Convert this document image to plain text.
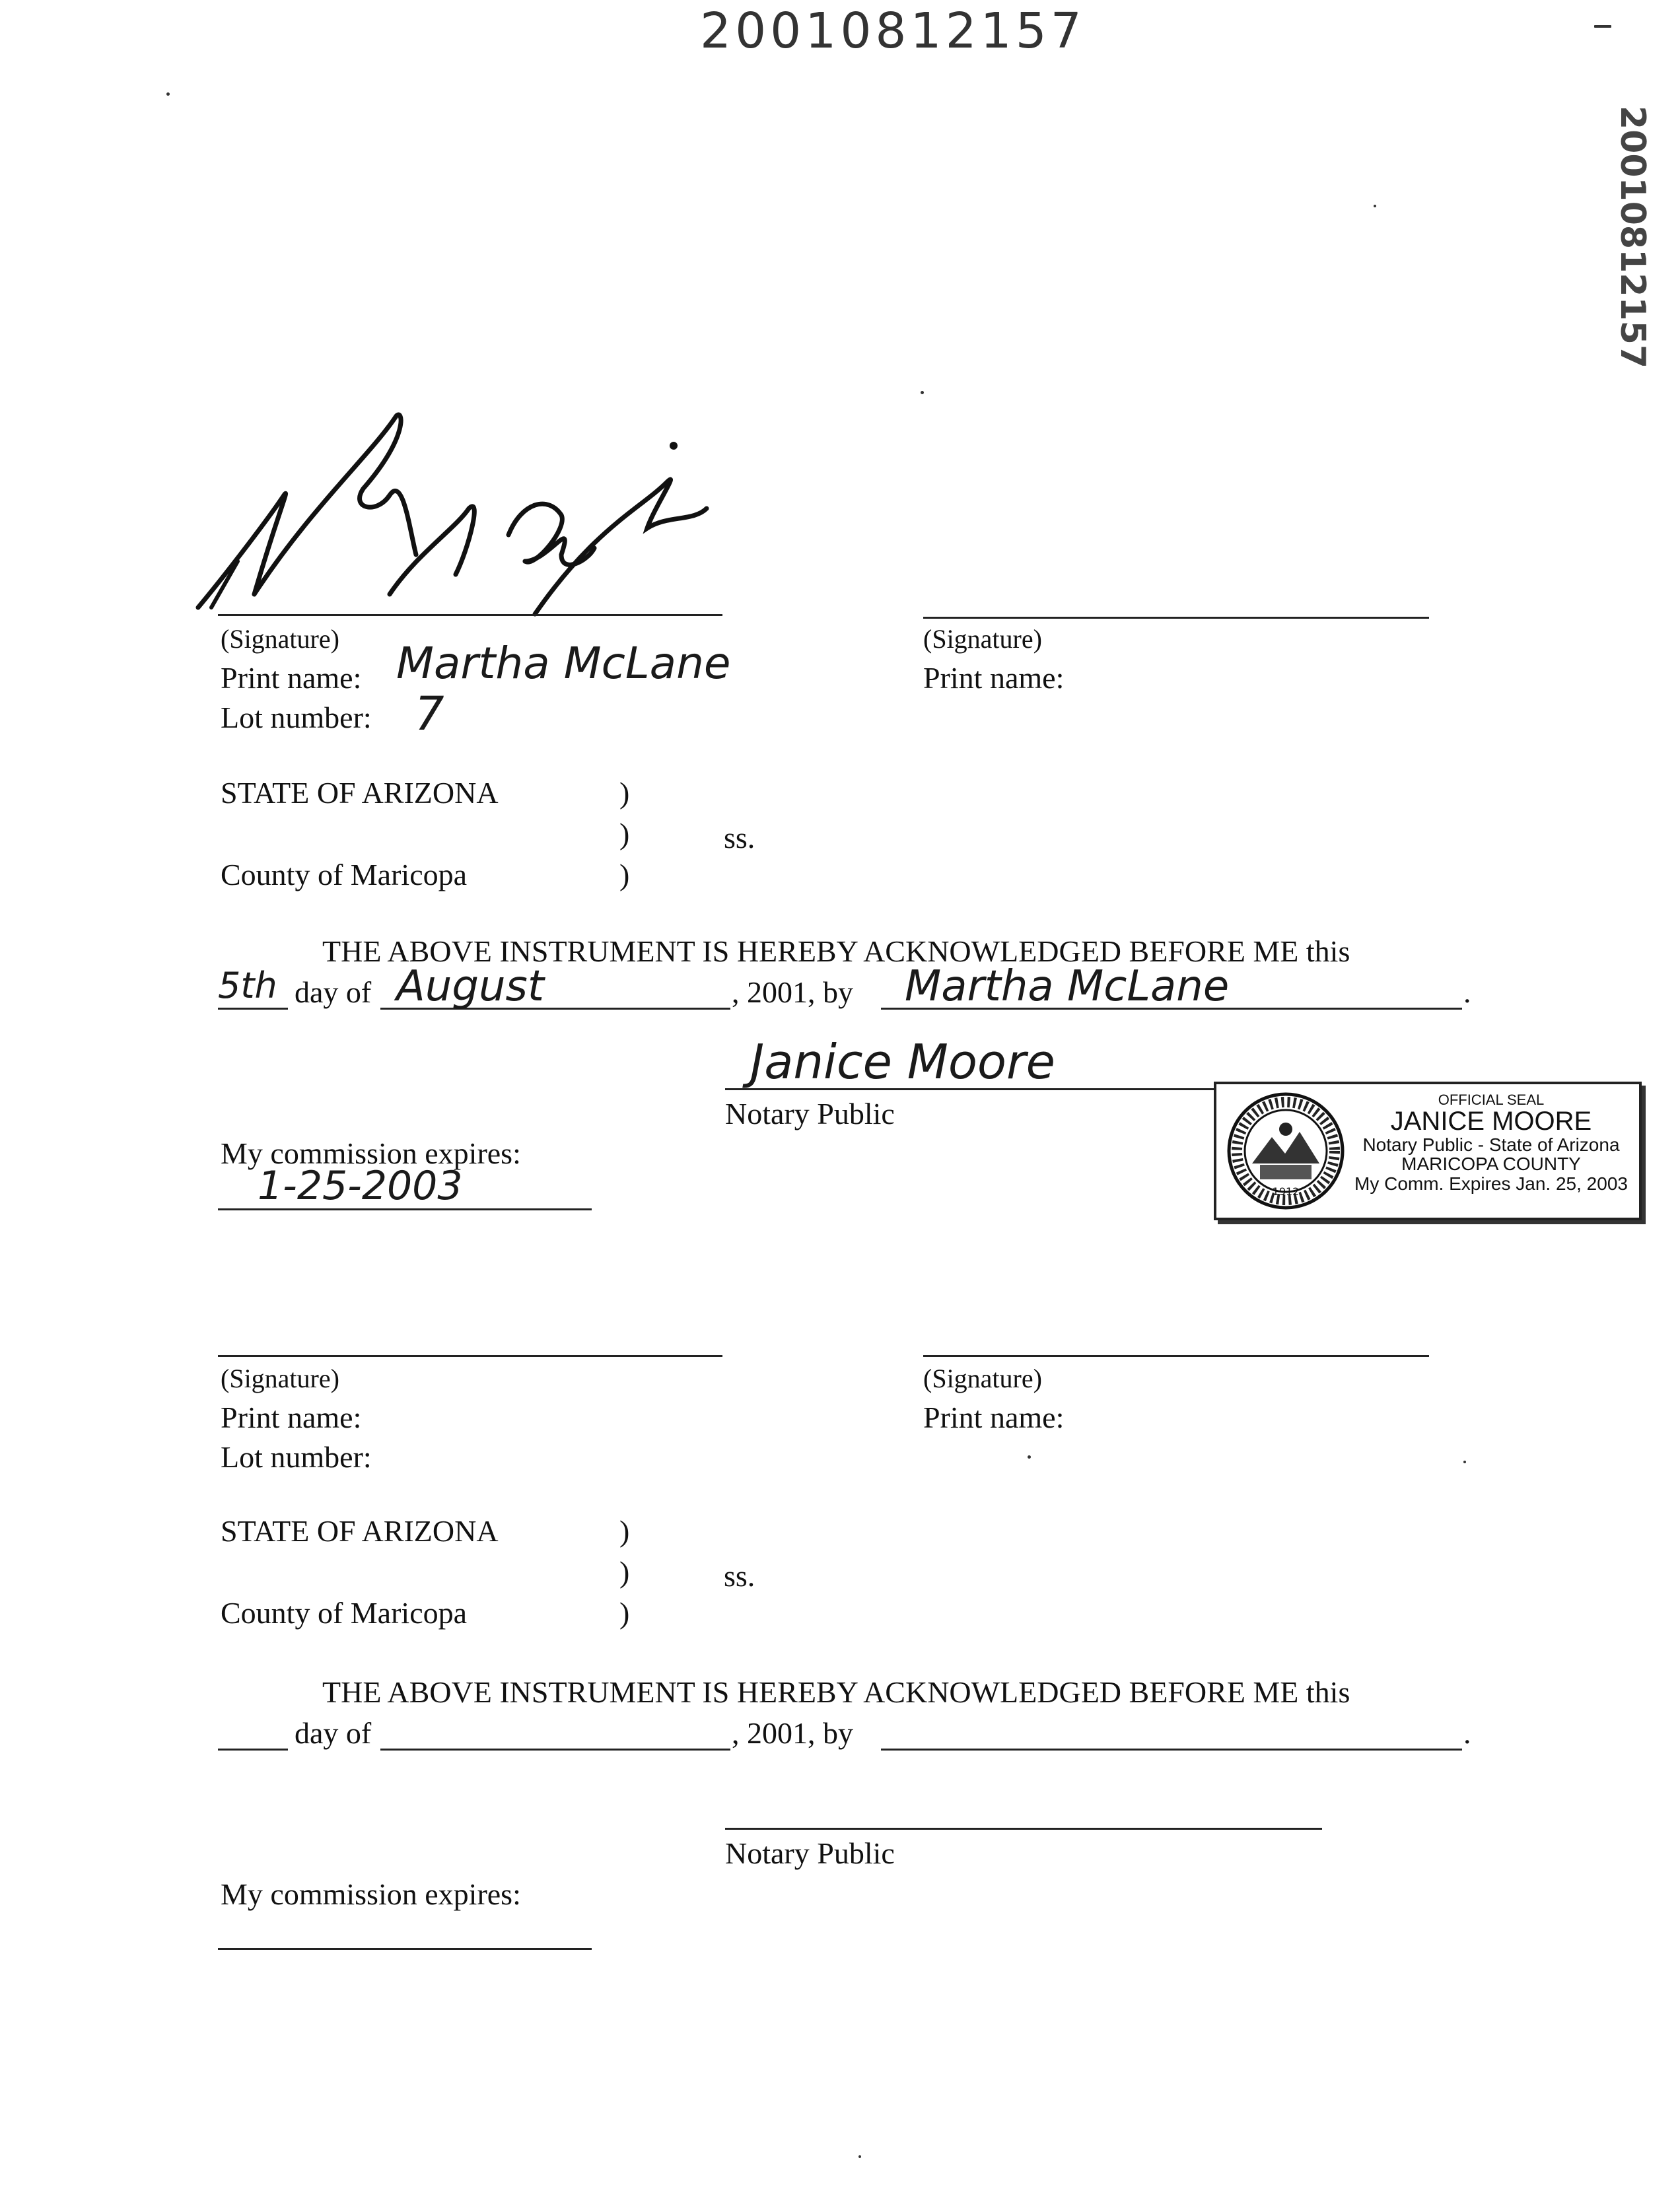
20010812157
20010812157
(Signature)	(Signature)
Print name: Martha McLane	Print name:
Lot number: 7
STATE OF ARIZONA	)
)	ss.
County of Maricopa	)
THE ABOVE INSTRUMENT IS HEREBY ACKNOWLEDGED BEFORE ME this
5th day of August	, 2001, by Martha McLane	.
Janice Moore
Notary Public
My commission expires:
1-25-2003	1912
OFFICIAL SEAL
JANICE MOORE
Notary Public - State of Arizona
MARICOPA COUNTY
My Comm. Expires Jan. 25, 2003
(Signature)	(Signature)
Print name:	Print name:
Lot number:
STATE OF ARIZONA	)
)	ss.
County of Maricopa	)
THE ABOVE INSTRUMENT IS HEREBY ACKNOWLEDGED BEFORE ME this
day of	, 2001, by	.
Notary Public
My commission expires:
